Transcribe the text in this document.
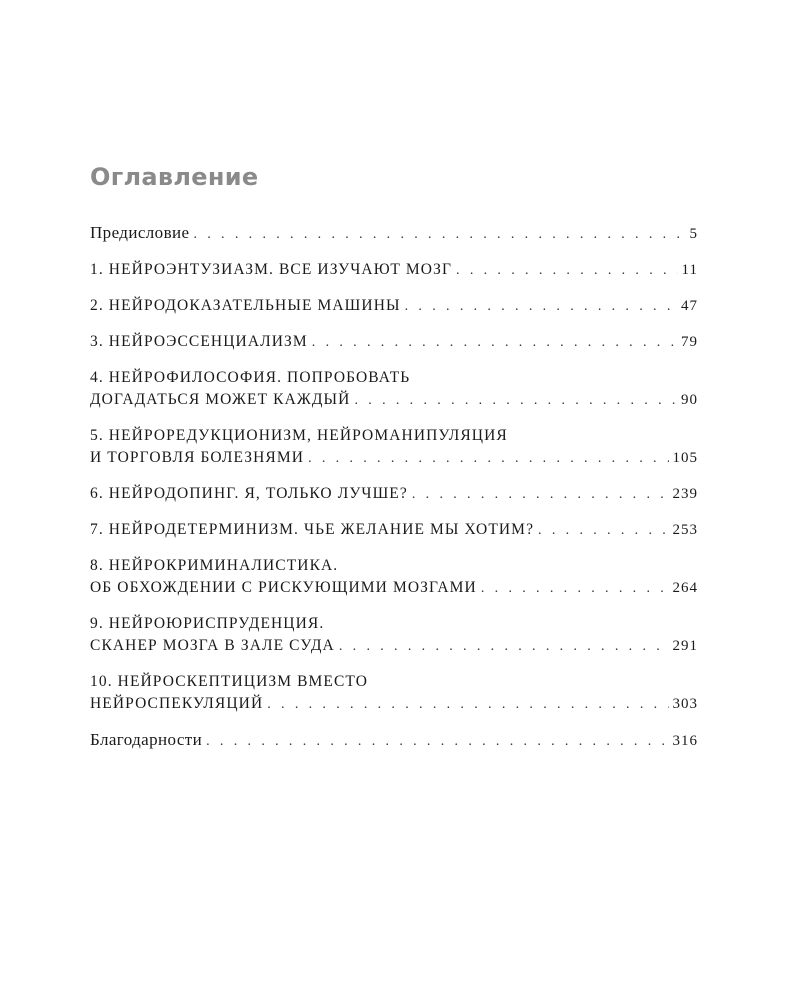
Оглавление
Предисловие . . .	5
1. НЕЙРОЭНТУЗИАЗМ. ВСЕ ИЗУЧАЮТ МОЗГ . . .	11
2. НЕЙРОДОКАЗАТЕЛЬНЫЕ МАШИНЫ . . .	47
3. НЕЙРОЭССЕНЦИАЛИЗМ . . .	79
4. НЕЙРОФИЛОСОФИЯ. ПОПРОБОВАТЬ
ДОГАДАТЬСЯ МОЖЕТ КАЖДЫЙ . . .	90
5. НЕЙРОРЕДУКЦИОНИЗМ, НЕЙРОМАНИПУЛЯЦИЯ
И ТОРГОВЛЯ БОЛЕЗНЯМИ . . .	105
6. НЕЙРОДОПИНГ. Я, ТОЛЬКО ЛУЧШЕ? . . .	239
7. НЕЙРОДЕТЕРМИНИЗМ. ЧЬЕ ЖЕЛАНИЕ МЫ ХОТИМ? . . .	253
8. НЕЙРОКРИМИНАЛИСТИКА.
ОБ ОБХОЖДЕНИИ С РИСКУЮЩИМИ МОЗГАМИ . . .	264
9. НЕЙРОЮРИСПРУДЕНЦИЯ.
СКАНЕР МОЗГА В ЗАЛЕ СУДА . . .	291
10. НЕЙРОСКЕПТИЦИЗМ ВМЕСТО
НЕЙРОСПЕКУЛЯЦИЙ . . .	303
Благодарности . . .	316
